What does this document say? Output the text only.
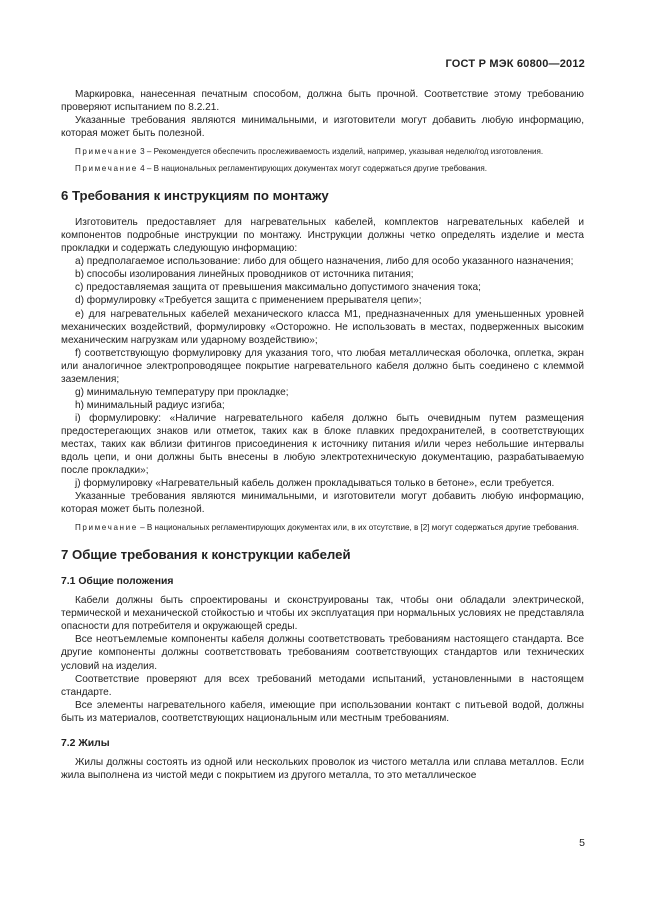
ГОСТ Р МЭК 60800—2012

Маркировка, нанесенная печатным способом, должна быть прочной. Соответствие этому требованию проверяют испытанием по 8.2.21.

Указанные требования являются минимальными, и изготовители могут добавить любую информацию, которая может быть полезной.

Примечание 3 – Рекомендуется обеспечить прослеживаемость изделий, например, указывая неделю/год изготовления.

Примечание 4 – В национальных регламентирующих документах могут содержаться другие требования.

6 Требования к инструкциям по монтажу

Изготовитель предоставляет для нагревательных кабелей, комплектов нагревательных кабелей и компонентов подробные инструкции по монтажу. Инструкции должны четко определять изделие и места прокладки и содержать следующую информацию:

a) предполагаемое использование: либо для общего назначения, либо для особо указанного назначения;

b) способы изолирования линейных проводников от источника питания;

c) предоставляемая защита от превышения максимально допустимого значения тока;

d) формулировку «Требуется защита с применением прерывателя цепи»;

e) для нагревательных кабелей механического класса М1, предназначенных для уменьшенных уровней механических воздействий, формулировку «Осторожно. Не использовать в местах, подверженных высоким механическим нагрузкам или ударному воздействию»;

f) соответствующую формулировку для указания того, что любая металлическая оболочка, оплетка, экран или аналогичное электропроводящее покрытие нагревательного кабеля должно быть соединено с клеммой заземления;

g) минимальную температуру при прокладке;

h) минимальный радиус изгиба;

i) формулировку: «Наличие нагревательного кабеля должно быть очевидным путем размещения предостерегающих знаков или отметок, таких как в блоке плавких предохранителей, в соответствующих местах, таких как вблизи фитингов присоединения к источнику питания и/или через небольшие интервалы вдоль цепи, и они должны быть внесены в любую электротехническую документацию, разрабатываемую после прокладки»;

j) формулировку «Нагревательный кабель должен прокладываться только в бетоне», если требуется.

Указанные требования являются минимальными, и изготовители могут добавить любую информацию, которая может быть полезной.

Примечание – В национальных регламентирующих документах или, в их отсутствие, в [2] могут содержаться другие требования.

7 Общие требования к конструкции кабелей
7.1 Общие положения

Кабели должны быть спроектированы и сконструированы так, чтобы они обладали электрической, термической и механической стойкостью и чтобы их эксплуатация при нормальных условиях не представляла опасности для потребителя и окружающей среды.

Все неотъемлемые компоненты кабеля должны соответствовать требованиям настоящего стандарта. Все другие компоненты должны соответствовать требованиям соответствующих стандартов или технических условий на изделия.

Соответствие проверяют для всех требований методами испытаний, установленными в настоящем стандарте.

Все элементы нагревательного кабеля, имеющие при использовании контакт с питьевой водой, должны быть из материалов, соответствующих национальным или местным требованиям.

7.2 Жилы

Жилы должны состоять из одной или нескольких проволок из чистого металла или сплава металлов. Если жила выполнена из чистой меди с покрытием из другого металла, то это металлическое

5
